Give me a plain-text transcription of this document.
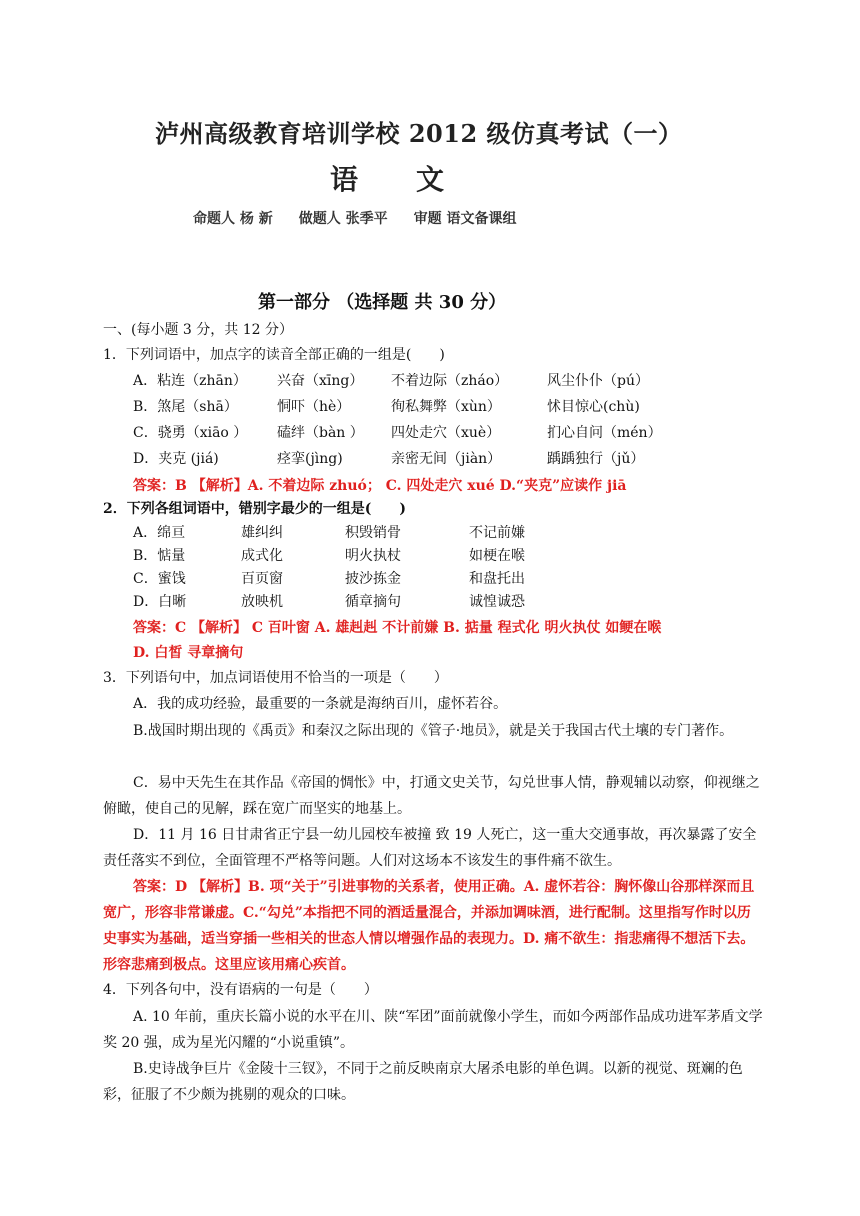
泸州高级教育培训学校 2012 级仿真考试（一）
语 文
命题人 杨 新 做题人 张季平 审题 语文备课组
第一部分 （选择题 共 30 分）
一、(每小题 3 分，共 12 分）
1．下列词语中，加点字的读音全部正确的一组是(　　)
A．粘连（zhān）	兴奋（xīng）	不着边际（zháo）	风尘仆仆（pú）
B．煞尾（shā）	恫吓（hè）	徇私舞弊（xùn）	怵目惊心(chù)
C．骁勇（xiāo ）	磕绊（bàn ）	四处走穴（xuè）	扪心自问（mén）
D．夹克 (jiá)	痉挛(jìng)	亲密无间（jiàn）	踽踽独行（jǔ）
答案：B 【解析】A. 不着边际 zhuó； C. 四处走穴 xué D.“夹克”应读作 jiā
2．下列各组词语中，错别字最少的一组是(　　)
A．绵亘	雄纠纠	积毁销骨	不记前嫌
B．惦量	成式化	明火执杖	如梗在喉
C．蜜饯	百页窗	披沙拣金	和盘托出
D．白晰	放映机	循章摘句	诚惶诚恐
答案：C 【解析】 C 百叶窗 A. 雄赳赳 不计前嫌 B. 掂量 程式化 明火执仗 如鲠在喉
D. 白皙 寻章摘句
3．下列语句中，加点词语使用不恰当的一项是（　　）
A．我的成功经验，最重要的一条就是海纳百川，虚怀若谷。
B.战国时期出现的《禹贡》和秦汉之际出现的《管子·地员》，就是关于我国古代土壤的专门著作。
C．易中天先生在其作品《帝国的惆怅》中，打通文史关节，勾兑世事人情，静观辅以动察，仰视继之俯瞰，使自己的见解，踩在宽广而坚实的地基上。
D．11 月 16 日甘肃省正宁县一幼儿园校车被撞 致 19 人死亡，这一重大交通事故，再次暴露了安全责任落实不到位，全面管理不严格等问题。人们对这场本不该发生的事件痛不欲生。
答案：D 【解析】B. 项“关于”引进事物的关系者，使用正确。A. 虚怀若谷：胸怀像山谷那样深而且宽广，形容非常谦虚。C.“勾兑”本指把不同的酒适量混合，并添加调味酒，进行配制。这里指写作时以历史事实为基础，适当穿插一些相关的世态人情以增强作品的表现力。D. 痛不欲生：指悲痛得不想活下去。形容悲痛到极点。这里应该用痛心疾首。
4．下列各句中，没有语病的一句是（　　）
A. 10 年前，重庆长篇小说的水平在川、陕“军团”面前就像小学生，而如今两部作品成功进军茅盾文学奖 20 强，成为星光闪耀的“小说重镇”。
B.史诗战争巨片《金陵十三钗》，不同于之前反映南京大屠杀电影的单色调。以新的视觉、斑斓的色彩，征服了不少颇为挑剔的观众的口味。
